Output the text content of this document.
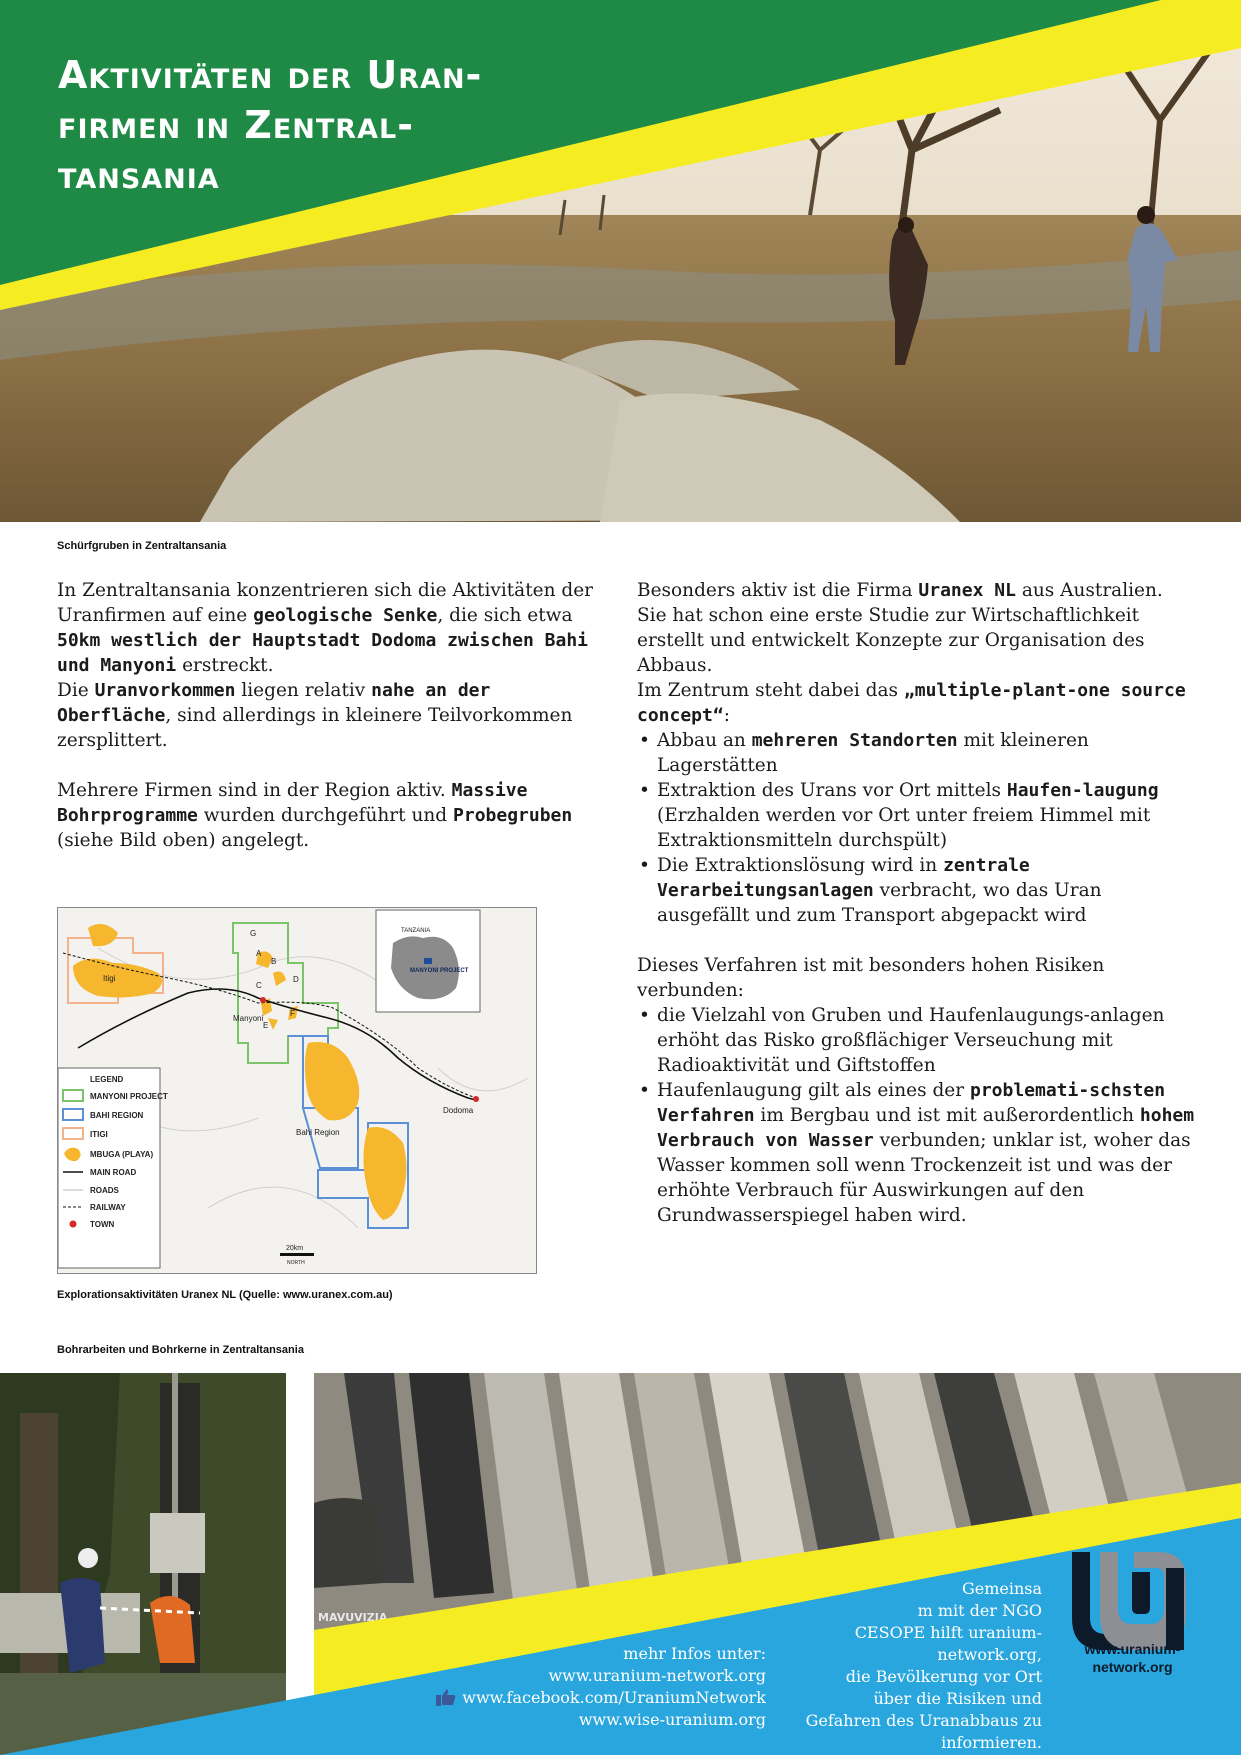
Aktivitäten der Uran-
firmen in Zentral-
tansania
Schürfgruben in Zentraltansania

In Zentraltansania konzentrieren sich die Aktivitäten der Uranfirmen auf eine geologische Senke, die sich etwa 50km westlich der Hauptstadt Dodoma zwischen Bahi und Manyoni erstreckt.

Die Uranvorkommen liegen relativ nahe an der Oberfläche, sind allerdings in kleinere Teilvorkommen zersplittert.

Mehrere Firmen sind in der Region aktiv. Massive Bohrprogramme wurden durchgeführt und Probegruben (siehe Bild oben) angelegt.

Itigi
Manyoni
Dodoma
Bahi Region
G
A
B
C
D
E
F
TANZANIA
MANYONI PROJECT
LEGEND
MANYONI PROJECT
BAHI REGION
ITIGI
MBUGA (PLAYA)
MAIN ROAD
ROADS
RAILWAY
TOWN
20km
NORTH
Explorationsaktivitäten Uranex NL (Quelle: www.uranex.com.au)

Besonders aktiv ist die Firma Uranex NL aus Australien. Sie hat schon eine erste Studie zur Wirtschaftlichkeit erstellt und entwickelt Konzepte zur Organisation des Abbaus.

Im Zentrum steht dabei das „multiple-plant-one source concept“:

• Abbau an mehreren Standorten mit kleineren Lagerstätten
• Extraktion des Urans vor Ort mittels Haufen-laugung (Erzhalden werden vor Ort unter freiem Himmel mit Extraktionsmitteln durchspült)
• Die Extraktionslösung wird in zentrale Verarbeitungsanlagen verbracht, wo das Uran ausgefällt und zum Transport abgepackt wird

Dieses Verfahren ist mit besonders hohen Risiken verbunden:

• die Vielzahl von Gruben und Haufenlaugungs-anlagen erhöht das Risko großflächiger Verseuchung mit Radioaktivität und Giftstoffen
• Haufenlaugung gilt als eines der problemati-schsten Verfahren im Bergbau und ist mit außerordentlich hohem Verbrauch von Wasser verbunden; unklar ist, woher das Wasser kommen soll wenn Trockenzeit ist und was der erhöhte Verbrauch für Auswirkungen auf den Grundwasserspiegel haben wird.
Bohrarbeiten und Bohrkerne in Zentraltansania
MAVUVIZIA
mehr Infos unter:
www.uranium-network.org
www.facebook.com/UraniumNetwork
www.wise-uranium.org
Gemeinsa
m mit der NGO
CESOPE hilft uranium-
network.org,
die Bevölkerung vor Ort
über die Risiken und
Gefahren des Uranabbaus zu
informieren.
www.uranium-
network.org
